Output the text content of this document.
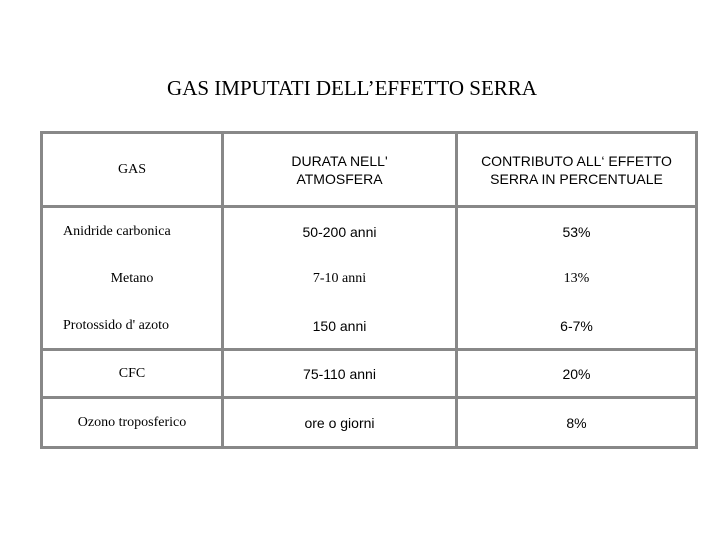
GAS IMPUTATI DELL’EFFETTO SERRA
GAS	DURATA NELL' ATMOSFERA	CONTRIBUTO ALL‘ EFFETTO SERRA IN PERCENTUALE
Anidride carbonica	50-200 anni	53%
Metano	7-10 anni	13%
Protossido d' azoto	150 anni	6-7%
CFC	75-110 anni	20%
Ozono troposferico	ore o giorni	8%
